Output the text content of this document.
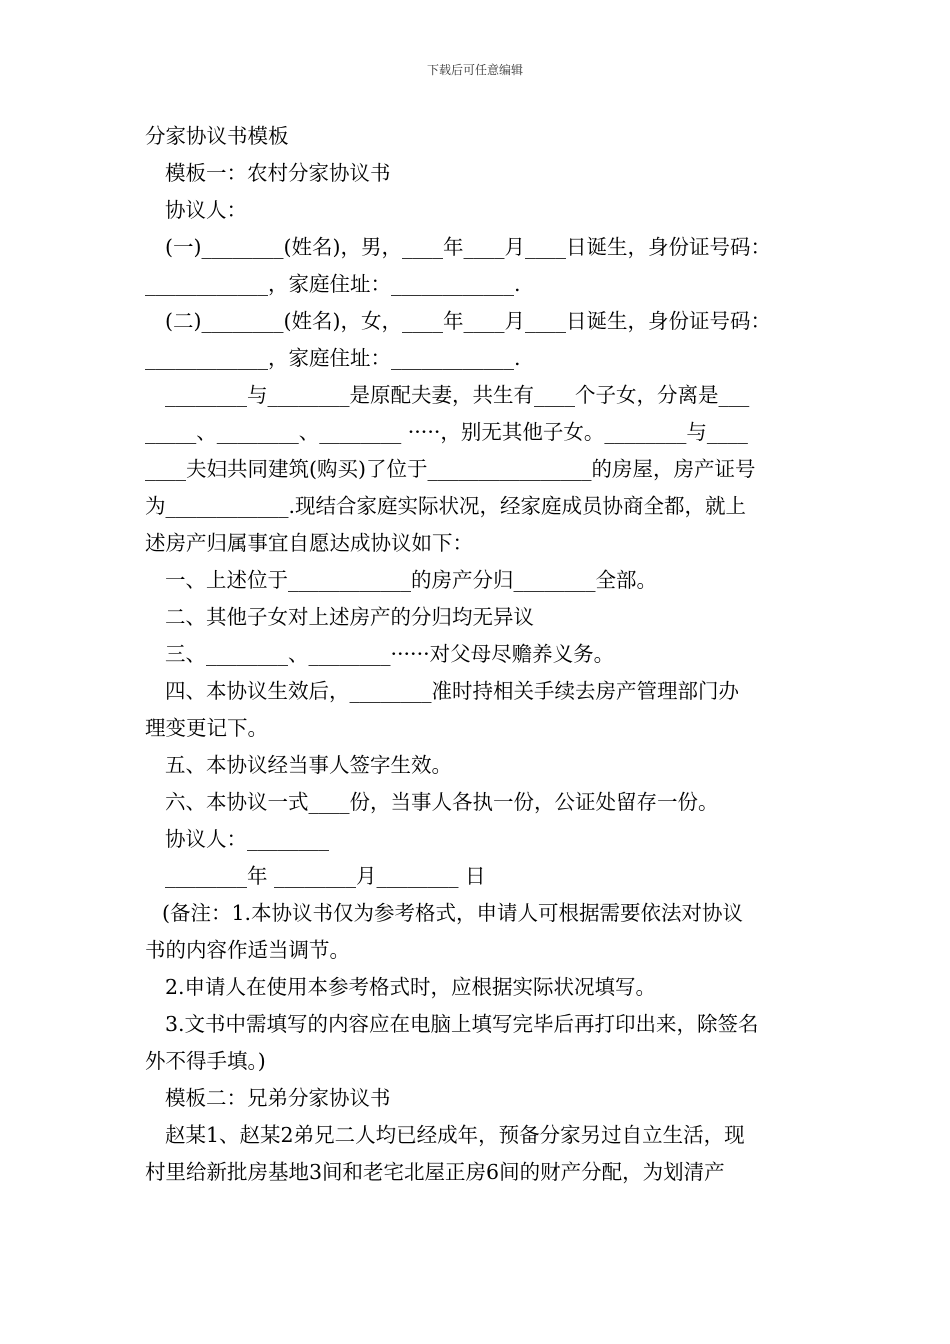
下载后可任意编辑

分家协议书模板

模板一：农村分家协议书

协议人：

(一)________(姓名)，男，____年____月____日诞生，身份证号码：

____________，家庭住址：____________.

(二)________(姓名)，女，____年____月____日诞生，身份证号码：

____________，家庭住址：____________.

________与________是原配夫妻，共生有____个子女，分离是___

_____、________、________ ·····，别无其他子女。________与____

____夫妇共同建筑(购买)了位于________________的房屋，房产证号

为____________.现结合家庭实际状况，经家庭成员协商全都，就上

述房产归属事宜自愿达成协议如下：

一、上述位于____________的房产分归________全部。

二、其他子女对上述房产的分归均无异议

三、________、________······对父母尽赡养义务。

四、本协议生效后，________准时持相关手续去房产管理部门办

理变更记下。

五、本协议经当事人签字生效。

六、本协议一式____份，当事人各执一份，公证处留存一份。

协议人：________

________年 ________月________ 日

(备注：1.本协议书仅为参考格式，申请人可根据需要依法对协议

书的内容作适当调节。

2.申请人在使用本参考格式时，应根据实际状况填写。

3.文书中需填写的内容应在电脑上填写完毕后再打印出来，除签名

外不得手填。)

模板二：兄弟分家协议书

赵某1、赵某2弟兄二人均已经成年，预备分家另过自立生活，现

村里给新批房基地3间和老宅北屋正房6间的财产分配，为划清产
